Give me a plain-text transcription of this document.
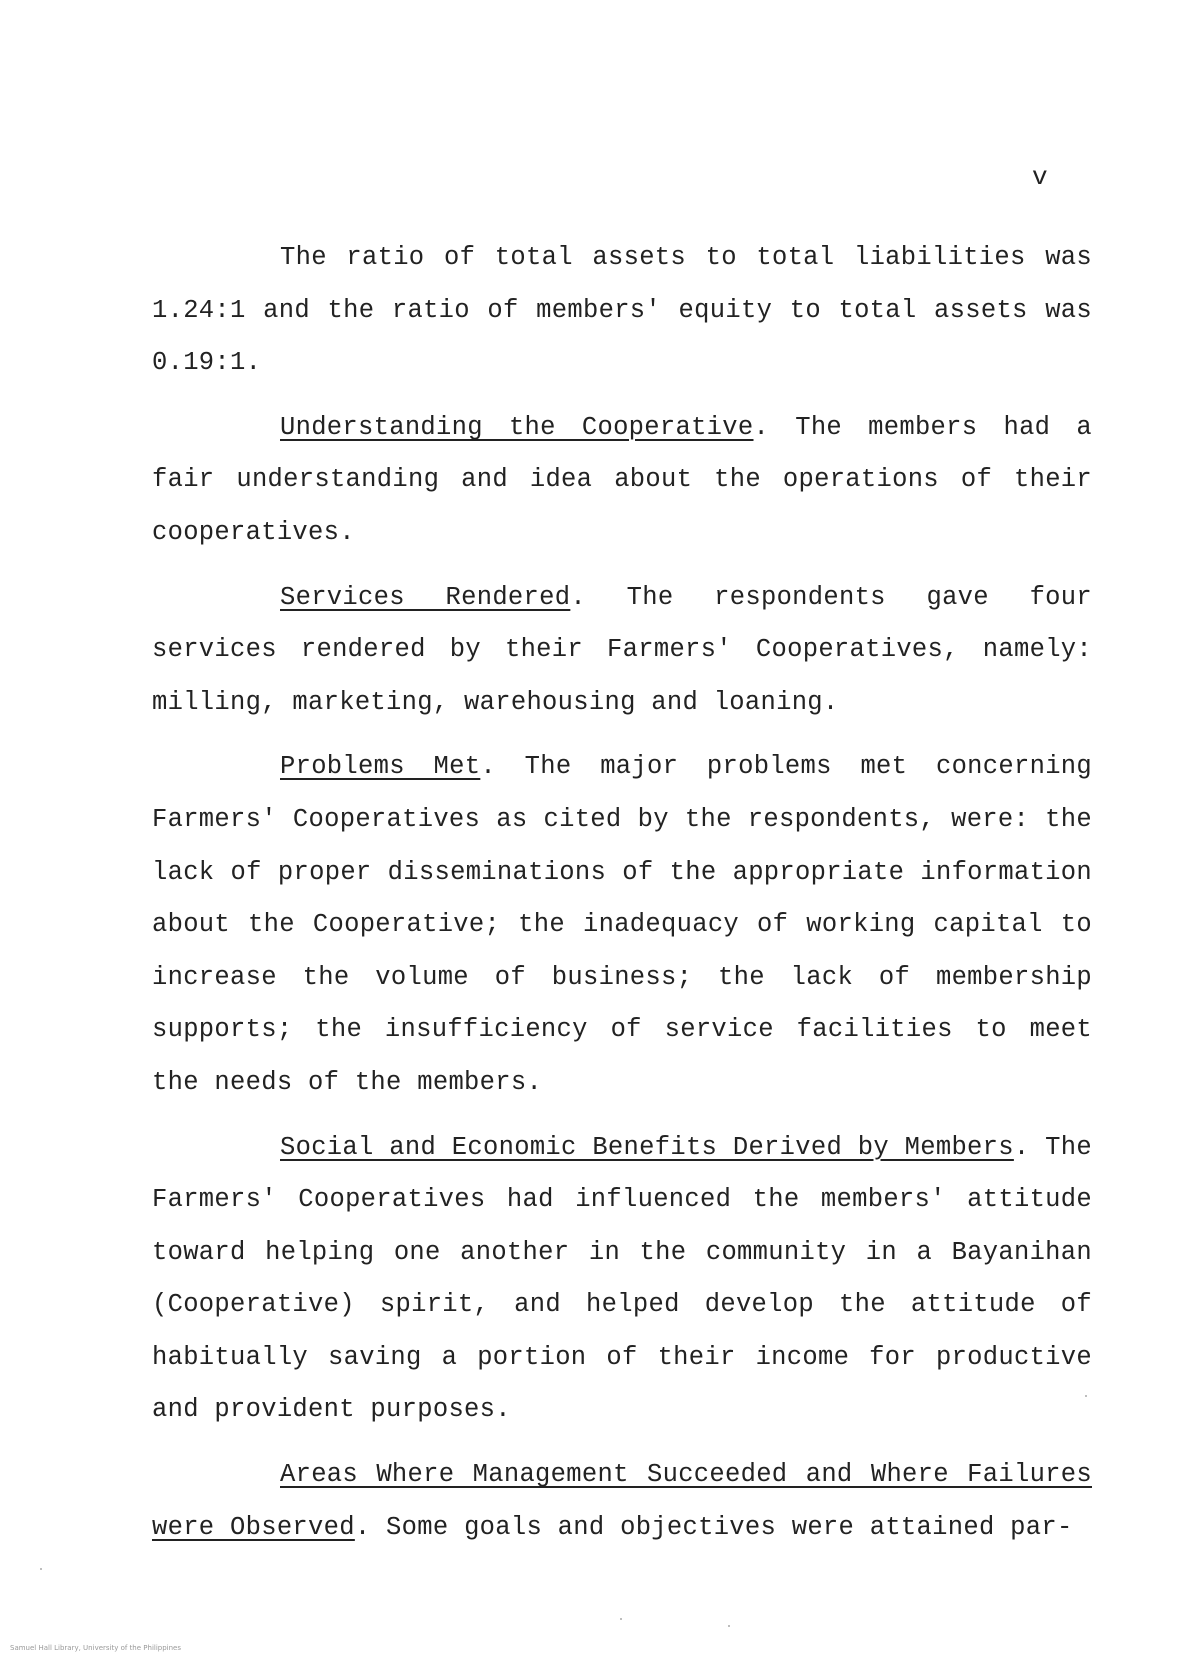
v

The ratio of total assets to total liabilities was 1.24:1 and the ratio of members' equity to total assets was 0.19:1.

Understanding the Cooperative. The members had a fair understanding and idea about the operations of their cooperatives.

Services Rendered. The respondents gave four services rendered by their Farmers' Cooperatives, namely: milling, marketing, warehousing and loaning.

Problems Met. The major problems met concerning Farmers' Cooperatives as cited by the respondents, were: the lack of proper disseminations of the appropriate information about the Cooperative; the inadequacy of working capital to increase the volume of business; the lack of membership supports; the insufficiency of service facilities to meet the needs of the members.

Social and Economic Benefits Derived by Members. The Farmers' Cooperatives had influenced the members' attitude toward helping one another in the community in a Bayanihan (Cooperative) spirit, and helped develop the attitude of habitually saving a portion of their income for productive and provident purposes.

Areas Where Management Succeeded and Where Failures were Observed. Some goals and objectives were attained par-

Samuel Hall Library, University of the Philippines
